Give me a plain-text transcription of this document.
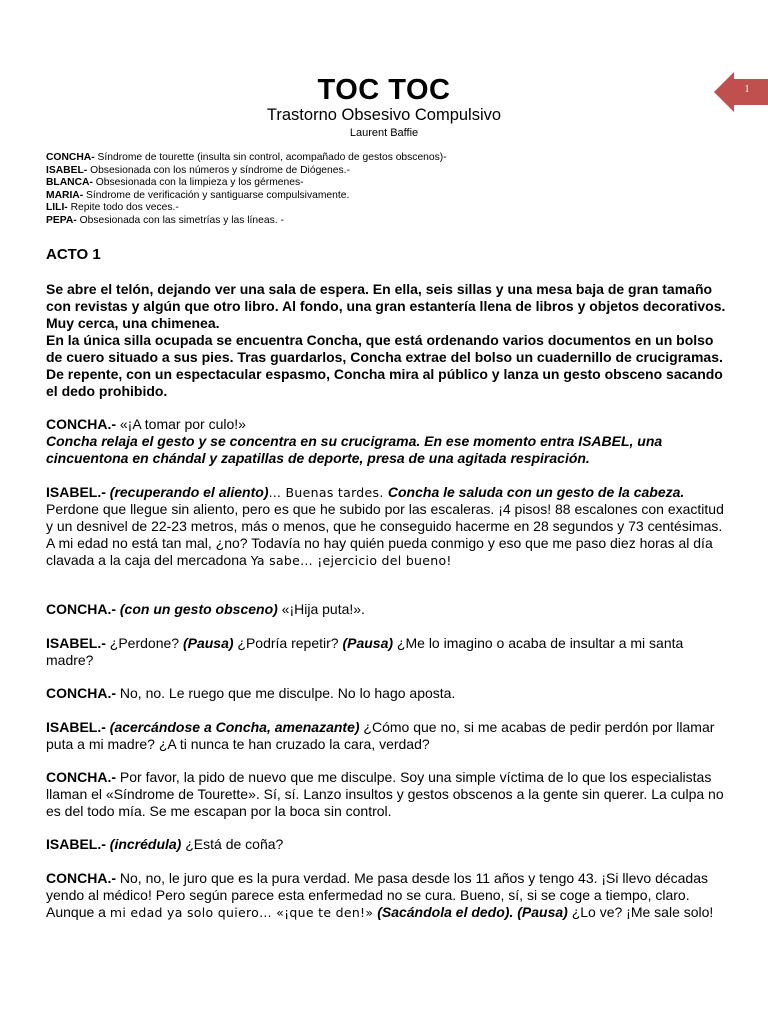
1
TOC TOC
Trastorno Obsesivo Compulsivo
Laurent Baffie
CONCHA- Síndrome de tourette (insulta sin control, acompañado de gestos obscenos)-
ISABEL- Obsesionada con los números y síndrome de Diógenes.-
BLANCA- Obsesionada con la limpieza y los gérmenes-
MARIA- Síndrome de verificación y santiguarse compulsivamente.
LILI- Repite todo dos veces.-
PEPA- Obsesionada con las simetrías y las líneas. -
ACTO 1
Se abre el telón, dejando ver una sala de espera. En ella, seis sillas y una mesa baja de gran tamaño con revistas y algún que otro libro. Al fondo, una gran estantería llena de libros y objetos decorativos. Muy cerca, una chimenea.
En la única silla ocupada se encuentra Concha, que está ordenando varios documentos en un bolso de cuero situado a sus pies. Tras guardarlos, Concha extrae del bolso un cuadernillo de crucigramas. De repente, con un espectacular espasmo, Concha mira al público y lanza un gesto obsceno sacando el dedo prohibido.
CONCHA.- «¡A tomar por culo!»
Concha relaja el gesto y se concentra en su crucigrama. En ese momento entra ISABEL, una cincuentona en chándal y zapatillas de deporte, presa de una agitada respiración.
ISABEL.- (recuperando el aliento)… Buenas tardes. Concha le saluda con un gesto de la cabeza. Perdone que llegue sin aliento, pero es que he subido por las escaleras. ¡4 pisos! 88 escalones con exactitud y un desnivel de 22-23 metros, más o menos, que he conseguido hacerme en 28 segundos y 73 centésimas. A mi edad no está tan mal, ¿no? Todavía no hay quién pueda conmigo y eso que me paso diez horas al día clavada a la caja del mercadona Ya sabe… ¡ejercicio del bueno!
CONCHA.- (con un gesto obsceno) «¡Hija puta!».
ISABEL.- ¿Perdone? (Pausa) ¿Podría repetir? (Pausa) ¿Me lo imagino o acaba de insultar a mi santa madre?
CONCHA.- No, no. Le ruego que me disculpe. No lo hago aposta.
ISABEL.- (acercándose a Concha, amenazante) ¿Cómo que no, si me acabas de pedir perdón por llamar puta a mi madre? ¿A ti nunca te han cruzado la cara, verdad?
CONCHA.- Por favor, la pido de nuevo que me disculpe. Soy una simple víctima de lo que los especialistas llaman el «Síndrome de Tourette». Sí, sí. Lanzo insultos y gestos obscenos a la gente sin querer. La culpa no es del todo mía. Se me escapan por la boca sin control.
ISABEL.- (incrédula) ¿Está de coña?
CONCHA.- No, no, le juro que es la pura verdad. Me pasa desde los 11 años y tengo 43. ¡Si llevo décadas yendo al médico! Pero según parece esta enfermedad no se cura. Bueno, sí, si se coge a tiempo, claro. Aunque a mi edad ya solo quiero… «¡que te den!» (Sacándola el dedo). (Pausa) ¿Lo ve? ¡Me sale solo!
